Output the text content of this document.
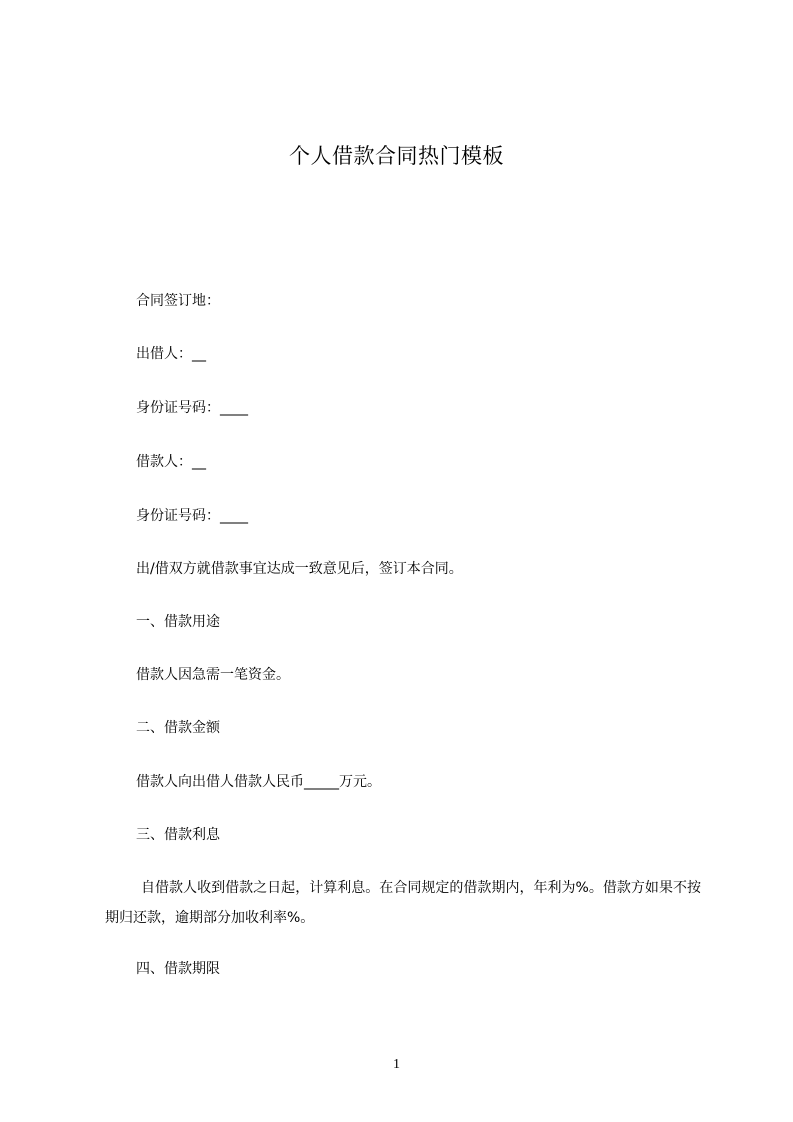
个人借款合同热门模板
合同签订地：
出借人：__
身份证号码：____
借款人：__
身份证号码：____
出/借双方就借款事宜达成一致意见后，签订本合同。
一、借款用途
借款人因急需一笔资金。
二、借款金额
借款人向出借人借款人民币_____万元。
三、借款利息
自借款人收到借款之日起，计算利息。在合同规定的借款期内，年利为%。借款方如果不按期归还款，逾期部分加收利率%。
四、借款期限
1
